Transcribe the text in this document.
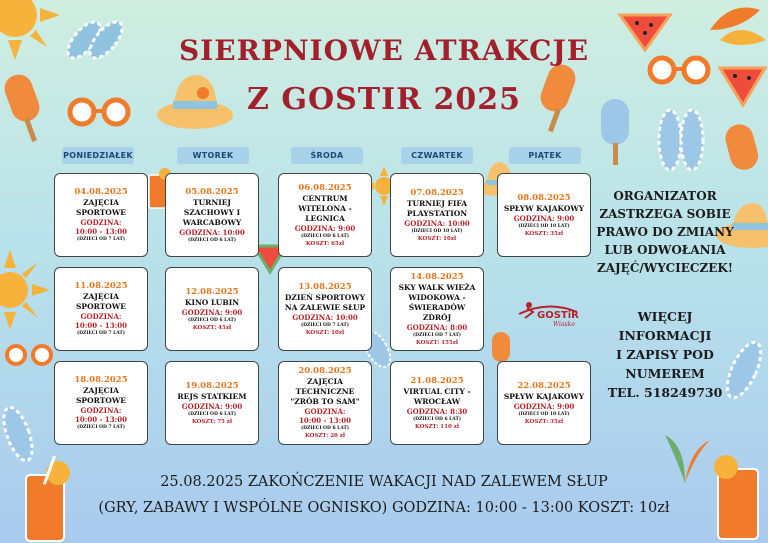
SIERPNIOWE ATRAKCJE
Z GOSTIR 2025
PONIEDZIAŁEK	WTOREK	ŚRODA	CZWARTEK	PIĄTEK
04.08.2025
ZAJĘCIA SPORTOWE
GODZINA:
10:00 - 13:00
(DZIECI OD 7 LAT)
05.08.2025
TURNIEJ SZACHOWY I WARCABOWY
GODZINA: 10:00
(DZIECI OD 6 LAT)
06.08.2025
CENTRUM WITELONA - LEGNICA
GODZINA: 9:00
(DZIECI OD 6 LAT)
KOSZT: 65zł
07.08.2025
TURNIEJ FIFA PLAYSTATION
GODZINA: 10:00
(DZIECI OD 10 LAT)
KOSZT: 10zł
08.08.2025
SPŁYW KAJAKOWY
GODZINA: 9:00
(DZIECI OD 10 LAT)
KOSZT: 35zł
11.08.2025
ZAJĘCIA SPORTOWE
GODZINA:
10:00 - 13:00
(DZIECI OD 7 LAT)
12.08.2025
KINO LUBIN
GODZINA: 9:00
(DZIECI OD 6 LAT)
KOSZT: 45zł
13.08.2025
DZIEŃ SPORTOWY NA ZALEWIE SŁUP
GODZINA: 10:00
(DZIECI OD 7 LAT)
KOSZT: 10zł
14.08.2025
SKY WALK WIEŻA WIDOKOWA - ŚWIERADÓW ZDRÓJ
GODZINA: 8:00
(DZIECI OD 7 LAT)
KOSZT: 155zł
18.08.2025
ZAJĘCIA SPORTOWE
GODZINA:
10:00 - 13:00
(DZIECI OD 7 LAT)
19.08.2025
REJS STATKIEM
GODZINA: 9:00
(DZIECI OD 6 LAT)
KOSZT: 75 zł
20.08.2025
ZAJĘCIA TECHNICZNE "ZRÓB TO SAM"
GODZINA:
10:00 - 13:00
(DZIECI OD 6 LAT)
KOSZT: 20 zł
21.08.2025
VIRTUAL CITY - WROCŁAW
GODZINA: 8:30
(DZIECI OD 6 LAT)
KOSZT: 110 zł
22.08.2025
SPŁYW KAJAKOWY
GODZINA: 9:00
(DZIECI OD 10 LAT)
KOSZT: 35zł
GOSTiR
Wiasko
ORGANIZATOR
ZASTRZEGA SOBIE
PRAWO DO ZMIANY
LUB ODWOŁANIA
ZAJĘĆ/WYCIECZEK!
WIĘCEJ
INFORMACJI
I ZAPISY POD
NUMEREM
TEL. 518249730
25.08.2025 ZAKOŃCZENIE WAKACJI NAD ZALEWEM SŁUP
(GRY, ZABAWY I WSPÓLNE OGNISKO) GODZINA: 10:00 - 13:00 KOSZT: 10zł
